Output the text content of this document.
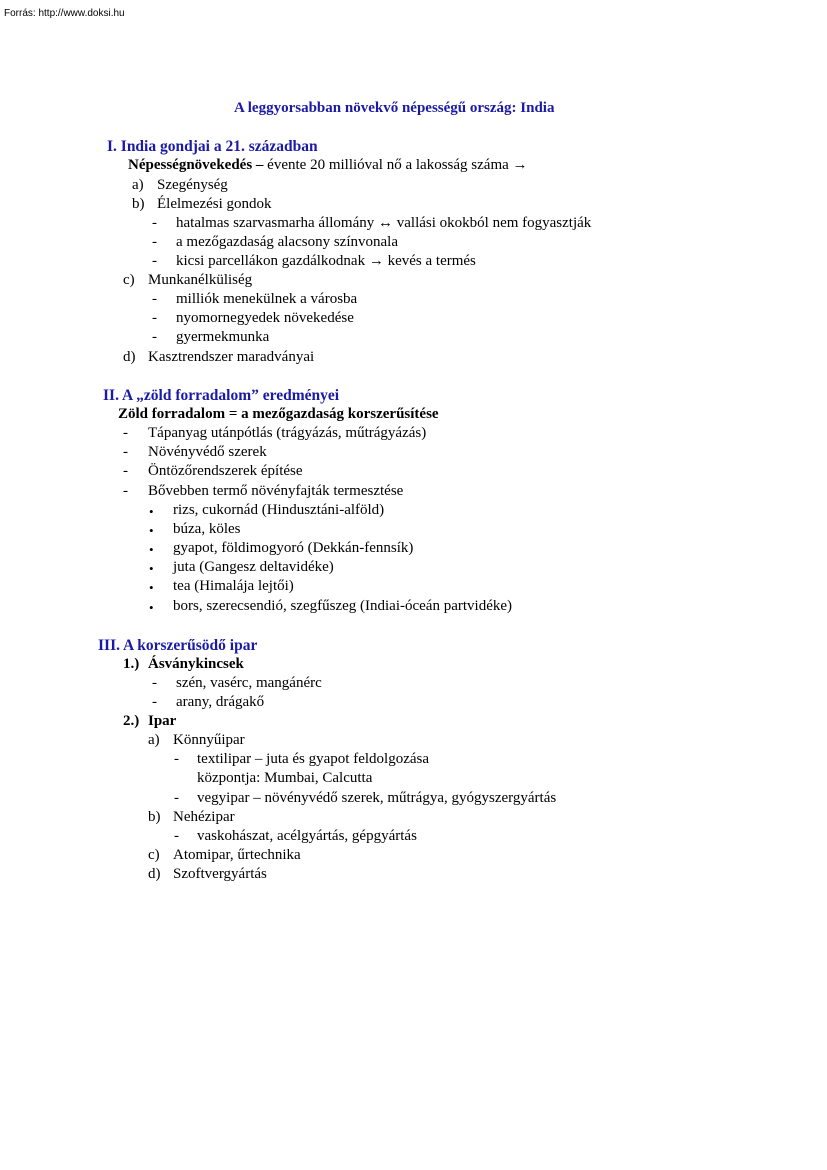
Forrás: http://www.doksi.hu
A leggyorsabban növekvő népességű ország: India
I. India gondjai a 21. században
Népességnövekedés – évente 20 millióval nő a lakosság száma →
a) Szegénység
b) Élelmezési gondok
- hatalmas szarvasmarha állomány ↔ vallási okokból nem fogyasztják
- a mezőgazdaság alacsony színvonala
- kicsi parcellákon gazdálkodnak → kevés a termés
c) Munkanélküliség
- milliók menekülnek a városba
- nyomornegyedek növekedése
- gyermekmunka
d) Kasztrendszer maradványai
II. A „zöld forradalom” eredményei
Zöld forradalom = a mezőgazdaság korszerűsítése
- Tápanyag utánpótlás (trágyázás, műtrágyázás)
- Növényvédő szerek
- Öntözőrendszerek építése
- Bővebben termő növényfajták termesztése
• rizs, cukornád (Hindusztáni-alföld)
• búza, köles
• gyapot, földimogyoró (Dekkán-fennsík)
• juta (Gangesz deltavidéke)
• tea (Himalája lejtői)
• bors, szerecsendió, szegfűszeg (Indiai-óceán partvidéke)
III. A korszerűsödő ipar
1.) Ásványkincsek
- szén, vasérc, mangánérc
- arany, drágakő
2.) Ipar
a) Könnyűipar
- textilipar – juta és gyapot feldolgozása
központja: Mumbai, Calcutta
- vegyipar – növényvédő szerek, műtrágya, gyógyszergyártás
b) Nehézipar
- vaskohászat, acélgyártás, gépgyártás
c) Atomipar, űrtechnika
d) Szoftvergyártás
